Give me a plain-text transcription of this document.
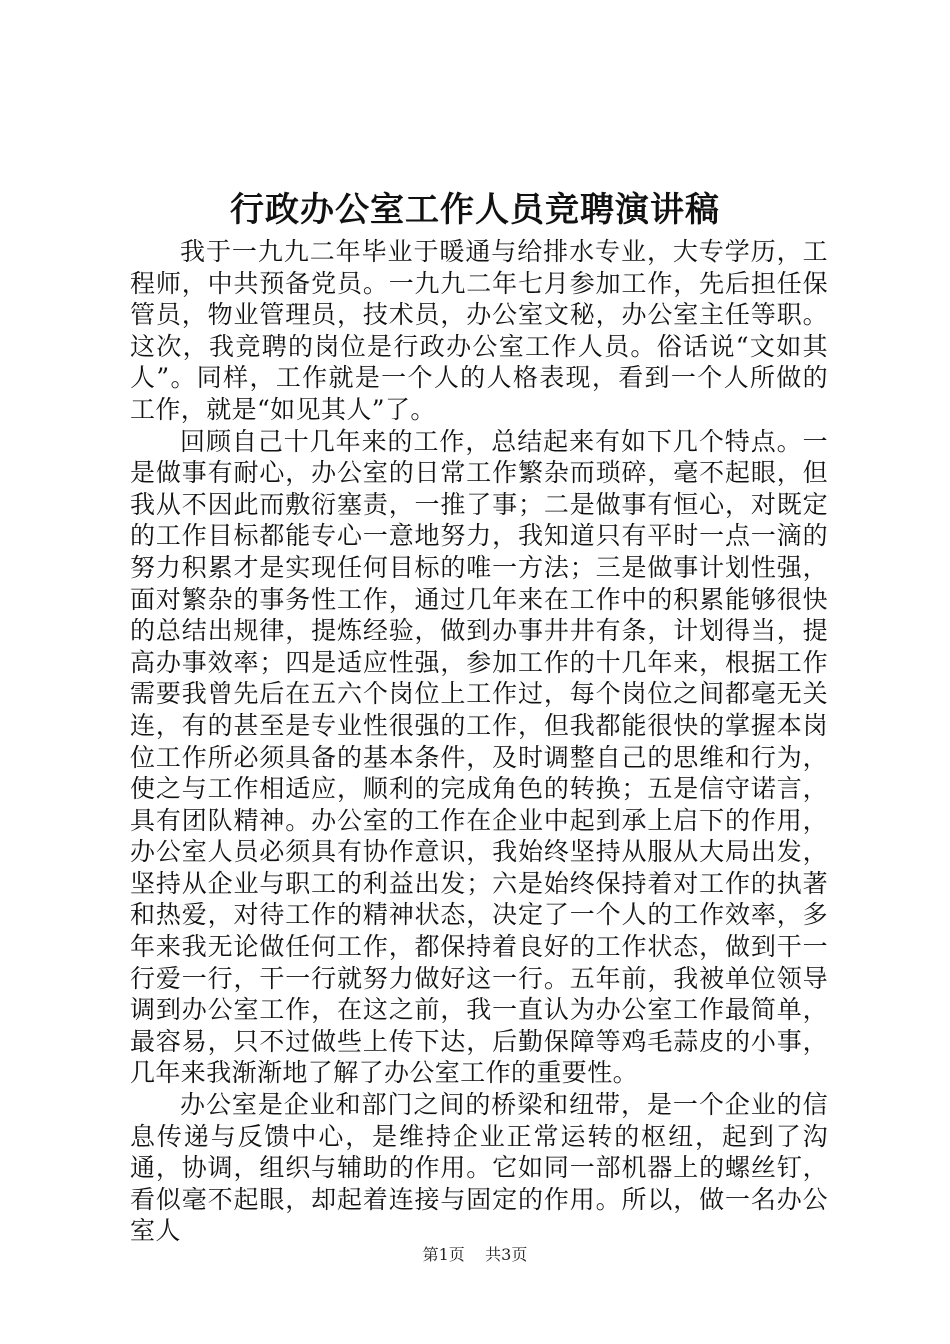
行政办公室工作人员竞聘演讲稿

我于一九九二年毕业于暖通与给排水专业，大专学历，工程师，中共预备党员。一九九二年七月参加工作，先后担任保管员，物业管理员，技术员，办公室文秘，办公室主任等职。这次，我竞聘的岗位是行政办公室工作人员。俗话说“文如其人”。同样，工作就是一个人的人格表现，看到一个人所做的工作，就是“如见其人”了。

回顾自己十几年来的工作，总结起来有如下几个特点。一是做事有耐心，办公室的日常工作繁杂而琐碎，毫不起眼，但我从不因此而敷衍塞责，一推了事；二是做事有恒心，对既定的工作目标都能专心一意地努力，我知道只有平时一点一滴的努力积累才是实现任何目标的唯一方法；三是做事计划性强，面对繁杂的事务性工作，通过几年来在工作中的积累能够很快的总结出规律，提炼经验，做到办事井井有条，计划得当，提高办事效率；四是适应性强，参加工作的十几年来，根据工作需要我曾先后在五六个岗位上工作过，每个岗位之间都毫无关连，有的甚至是专业性很强的工作，但我都能很快的掌握本岗位工作所必须具备的基本条件，及时调整自己的思维和行为，使之与工作相适应，顺利的完成角色的转换；五是信守诺言，具有团队精神。办公室的工作在企业中起到承上启下的作用，办公室人员必须具有协作意识，我始终坚持从服从大局出发，坚持从企业与职工的利益出发；六是始终保持着对工作的执著和热爱，对待工作的精神状态，决定了一个人的工作效率，多年来我无论做任何工作，都保持着良好的工作状态，做到干一行爱一行，干一行就努力做好这一行。五年前，我被单位领导调到办公室工作，在这之前，我一直认为办公室工作最简单，最容易，只不过做些上传下达，后勤保障等鸡毛蒜皮的小事，几年来我渐渐地了解了办公室工作的重要性。

办公室是企业和部门之间的桥梁和纽带，是一个企业的信息传递与反馈中心，是维持企业正常运转的枢纽，起到了沟通，协调，组织与辅助的作用。它如同一部机器上的螺丝钉，看似毫不起眼，却起着连接与固定的作用。所以，做一名办公室人

第1页 共3页
